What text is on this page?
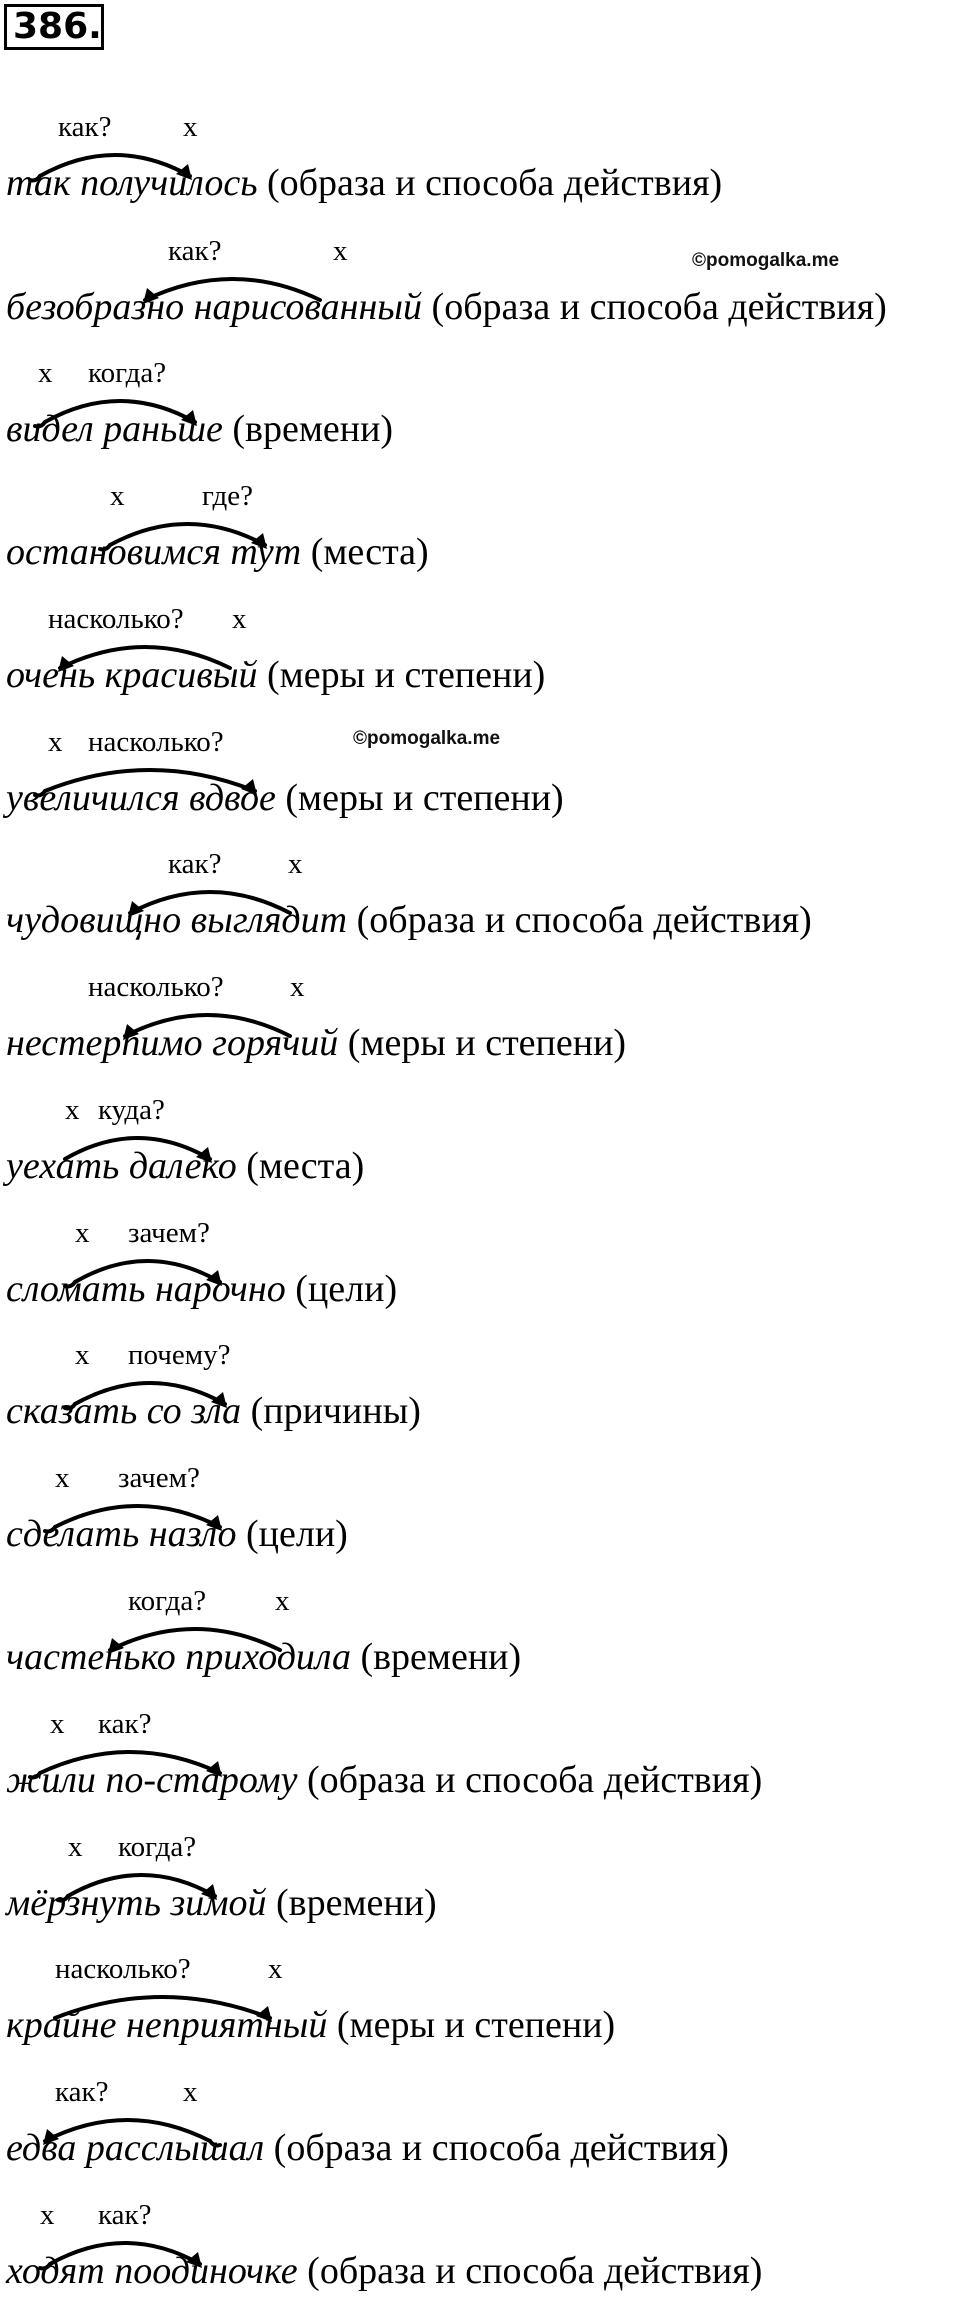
386.
©pomogalka.me
©pomogalka.me
как? х
так получилось (образа и способа действия)
как?	х
безобразно нарисованный (образа и способа действия)
когда?
х
видел раньше (времени)
где?
х
остановимся тут (места)
насколько? х
очень красивый (меры и степени)
насколько?
х
увеличился вдвое (меры и степени)
как? х
чудовищно выглядит (образа и способа действия)
насколько? х
нестерпимо горячий (меры и степени)
куда?
х
уехать далеко (места)
зачем?
х
сломать нарочно (цели)
почему?
х
сказать со зла (причины)
зачем?
х
сделать назло (цели)
когда? х
частенько приходила (времени)
как?
х
жили по-старому (образа и способа действия)
когда?
х
мёрзнуть зимой (времени)
насколько?	х
крайне неприятный (меры и степени)
как?	х
едва расслышал (образа и способа действия)
как?
х
ходят поодиночке (образа и способа действия)
